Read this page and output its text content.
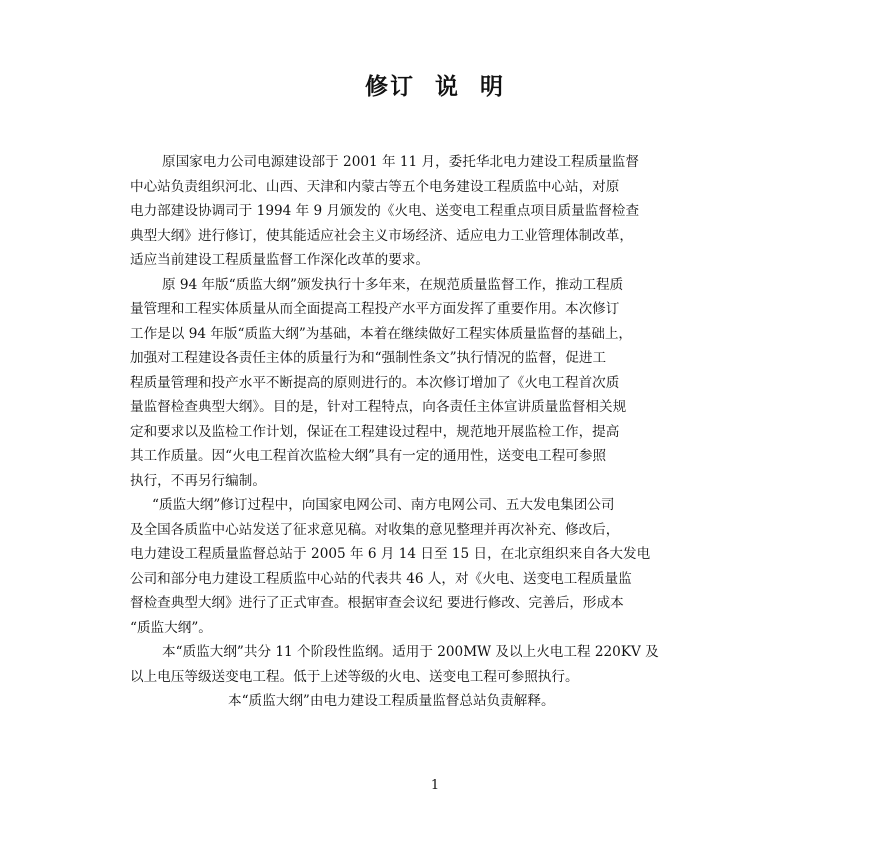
修订  说  明
原国家电力公司电源建设部于 2001 年 11 月，委托华北电力建设工程质量监督
中心站负责组织河北、山西、天津和内蒙古等五个电务建设工程质监中心站，对原
电力部建设协调司于 1994 年 9 月颁发的《火电、送变电工程重点项目质量监督检查
典型大纲》进行修订，使其能适应社会主义市场经济、适应电力工业管理体制改革，
适应当前建设工程质量监督工作深化改革的要求。
原 94 年版“质监大纲”颁发执行十多年来，在规范质量监督工作，推动工程质
量管理和工程实体质量从而全面提高工程投产水平方面发挥了重要作用。本次修订
工作是以 94 年版“质监大纲”为基础，本着在继续做好工程实体质量监督的基础上，
加强对工程建设各责任主体的质量行为和“强制性条文”执行情况的监督，促进工
程质量管理和投产水平不断提高的原则进行的。本次修订增加了《火电工程首次质
量监督检查典型大纲》。目的是，针对工程特点，向各责任主体宣讲质量监督相关规
定和要求以及监检工作计划，保证在工程建设过程中，规范地开展监检工作，提高
其工作质量。因“火电工程首次监检大纲”具有一定的通用性，送变电工程可参照
执行，不再另行编制。
“质监大纲”修订过程中，向国家电网公司、南方电网公司、五大发电集团公司
及全国各质监中心站发送了征求意见稿。对收集的意见整理并再次补充、修改后，
电力建设工程质量监督总站于 2005 年 6 月 14 日至 15 日，在北京组织来自各大发电
公司和部分电力建设工程质监中心站的代表共 46 人，对《火电、送变电工程质量监
督检查典型大纲》进行了正式审查。根据审查会议纪 要进行修改、完善后，形成本
“质监大纲”。
本“质监大纲”共分 11 个阶段性监纲。适用于 200MW 及以上火电工程 220KV 及
以上电压等级送变电工程。低于上述等级的火电、送变电工程可参照执行。
本“质监大纲”由电力建设工程质量监督总站负责解释。
1
